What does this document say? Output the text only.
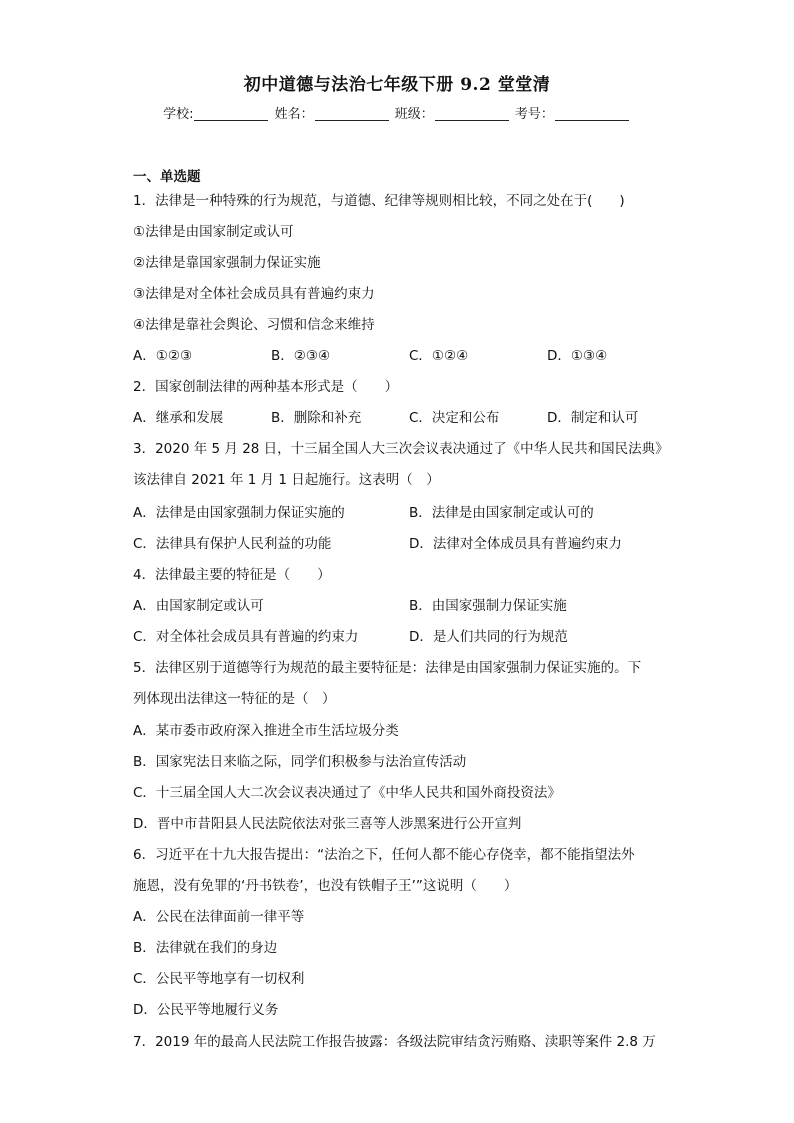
初中道德与法治七年级下册 9.2 堂堂清
学校:	姓名：	班级：	考号：
一、单选题
1．法律是一种特殊的行为规范，与道德、纪律等规则相比较，不同之处在于(　　)
①法律是由国家制定或认可
②法律是靠国家强制力保证实施
③法律是对全体社会成员具有普遍约束力
④法律是靠社会舆论、习惯和信念来维持
A．①②③	B．②③④	C．①②④	D．①③④
2．国家创制法律的两种基本形式是（　　）
A．继承和发展	B．删除和补充	C．决定和公布	D．制定和认可
3．2020 年 5 月 28 日，十三届全国人大三次会议表决通过了《中华人民共和国民法典》
该法律自 2021 年 1 月 1 日起施行。这表明（　）
A．法律是由国家强制力保证实施的	B．法律是由国家制定或认可的
C．法律具有保护人民利益的功能	D．法律对全体成员具有普遍约束力
4．法律最主要的特征是（　　）
A．由国家制定或认可	B．由国家强制力保证实施
C．对全体社会成员具有普遍的约束力	D．是人们共同的行为规范
5．法律区别于道德等行为规范的最主要特征是：法律是由国家强制力保证实施的。下
列体现出法律这一特征的是（　）
A．某市委市政府深入推进全市生活垃圾分类
B．国家宪法日来临之际，同学们积极参与法治宣传活动
C．十三届全国人大二次会议表决通过了《中华人民共和国外商投资法》
D．晋中市昔阳县人民法院依法对张三喜等人涉黑案进行公开宣判
6．习近平在十九大报告提出：“法治之下，任何人都不能心存侥幸，都不能指望法外
施恩，没有免罪的‘丹书铁卷’，也没有铁帽子王’”这说明（　　）
A．公民在法律面前一律平等
B．法律就在我们的身边
C．公民平等地享有一切权利
D．公民平等地履行义务
7．2019 年的最高人民法院工作报告披露：各级法院审结贪污贿赂、渎职等案件 2.8 万
